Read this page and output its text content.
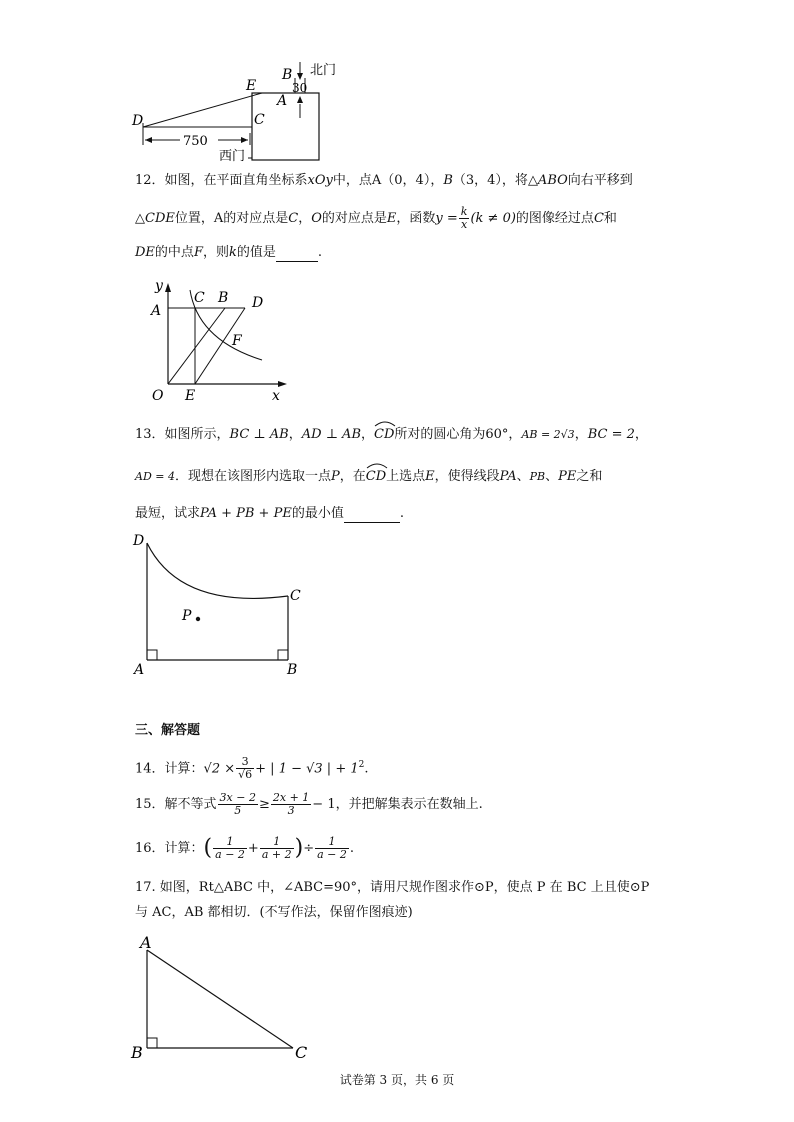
D
E
B
A
C
北门
30
750
西门
12．如图，在平面直角坐标系xOy中，点A（0，4），B（3，4），将△ABO向右平移到
△CDE位置，A的对应点是C，O的对应点是E，函数$y = \frac{k}{x} (k \ne 0)$的图像经过点C和
DE的中点F，则k的值是	.
y
x
O
A
C B D
E
F
13．如图所示，BC ⊥ AB，AD ⊥ AB，CD
所对的圆心角为60°，AB = 2√3，BC = 2，
AD = 4．现想在该图形内选取一点P，在CD
上选点E，使得线段PA、PB、PE之和
最短，试求PA + PB + PE的最小值	.
D
C
P
A	B
三、解答题
14．计算：$√2 \times \frac{3}{√6}$ + | 1 − √3 | + $1^2$.
15．解不等式 $\frac{3x - 2}{5} \ge \frac{2x + 1}{3} - 1$，并把解集表示在数轴上.
16．计算：( $\frac{1}{a - 2} + \frac{1}{a + 2}$ )÷ $\frac{1}{a - 2}$ .
17. 如图，Rt△ABC 中，∠ABC=90°，请用尺规作图求作⊙P，使点 P 在 BC 上且使⊙P
与 AC，AB 都相切．(不写作法，保留作图痕迹)
A
B	C
试卷第 3 页，共 6 页
